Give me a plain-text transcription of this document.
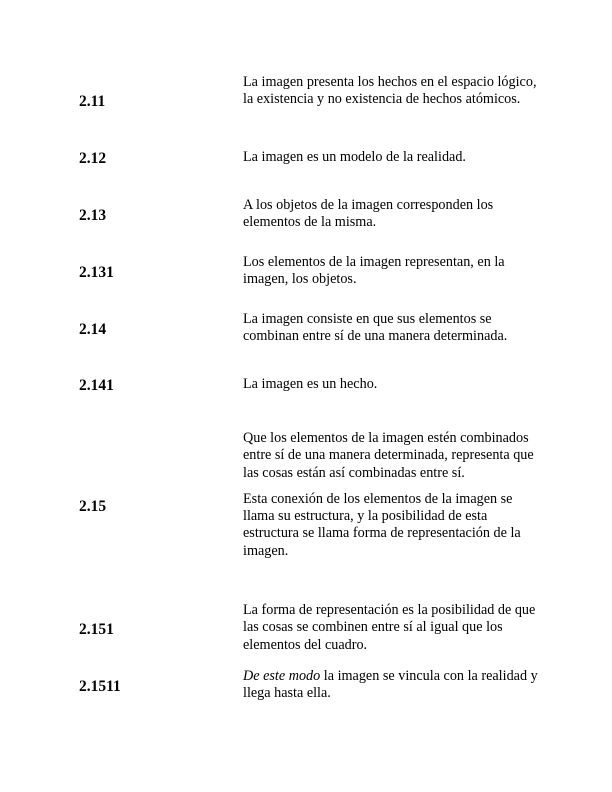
2.11

La imagen presenta los hechos en el espacio lógico, la existencia y no existencia de hechos atómicos.

2.12	La imagen es un modelo de la realidad.

2.13

A los objetos de la imagen corresponden los elementos de la misma.

2.131

Los elementos de la imagen representan, en la imagen, los objetos.

2.14

La imagen consiste en que sus elementos se combinan entre sí de una manera determinada.

2.141	La imagen es un hecho.

2.15

Que los elementos de la imagen estén combinados entre sí de una manera determinada, representa que las cosas están así combinadas entre sí.

Esta conexión de los elementos de la imagen se llama su estructura, y la posibilidad de esta estructura se llama forma de representación de la imagen.

2.151

La forma de representación es la posibilidad de que las cosas se combinen entre sí al igual que los elementos del cuadro.

2.1511

De este modo la imagen se vincula con la realidad y llega hasta ella.
